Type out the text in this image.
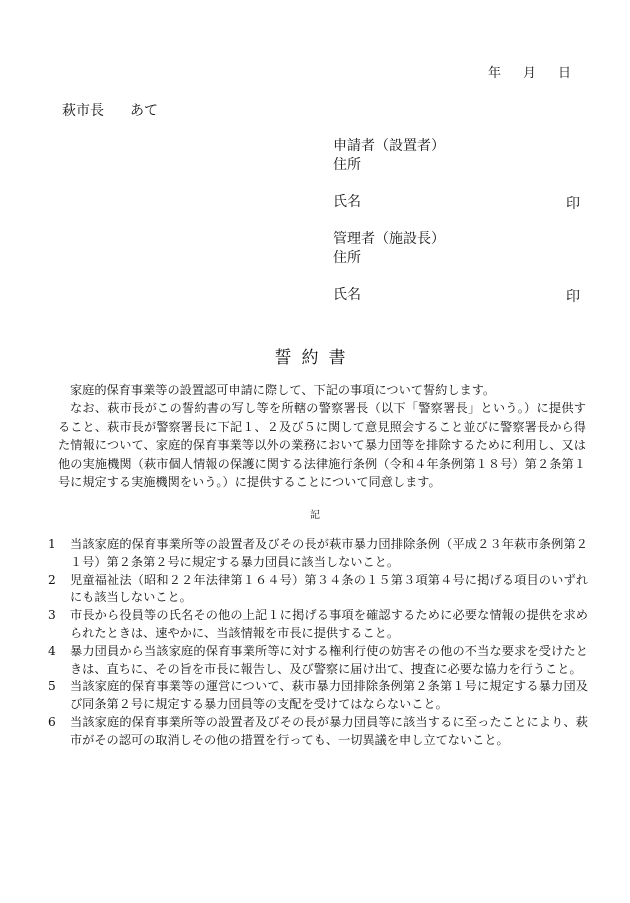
年 月 日
萩市長 あて
申請者（設置者）
住所
氏名	印
管理者（施設長）
住所
氏名	印
誓約書

家庭的保育事業等の設置認可申請に際して、下記の事項について誓約します。

なお、萩市長がこの誓約書の写し等を所轄の警察署長（以下「警察署長」という。）に提供すること、萩市長が警察署長に下記１、２及び５に関して意見照会すること並びに警察署長から得た情報について、家庭的保育事業等以外の業務において暴力団等を排除するために利用し、又は他の実施機関（萩市個人情報の保護に関する法律施行条例（令和４年条例第１８号）第２条第１号に規定する実施機関をいう。）に提供することについて同意します。

記
1	当該家庭的保育事業所等の設置者及びその長が萩市暴力団排除条例（平成２３年萩市条例第２１号）第２条第２号に規定する暴力団員に該当しないこと。

2	児童福祉法（昭和２２年法律第１６４号）第３４条の１５第３項第４号に掲げる項目のいずれにも該当しないこと。

3	市長から役員等の氏名その他の上記１に掲げる事項を確認するために必要な情報の提供を求められたときは、速やかに、当該情報を市長に提供すること。

4	暴力団員から当該家庭的保育事業所等に対する権利行使の妨害その他の不当な要求を受けたときは、直ちに、その旨を市長に報告し、及び警察に届け出て、捜査に必要な協力を行うこと。

5	当該家庭的保育事業等の運営について、萩市暴力団排除条例第２条第１号に規定する暴力団及び同条第２号に規定する暴力団員等の支配を受けてはならないこと。

6	当該家庭的保育事業所等の設置者及びその長が暴力団員等に該当するに至ったことにより、萩市がその認可の取消しその他の措置を行っても、一切異議を申し立てないこと。
